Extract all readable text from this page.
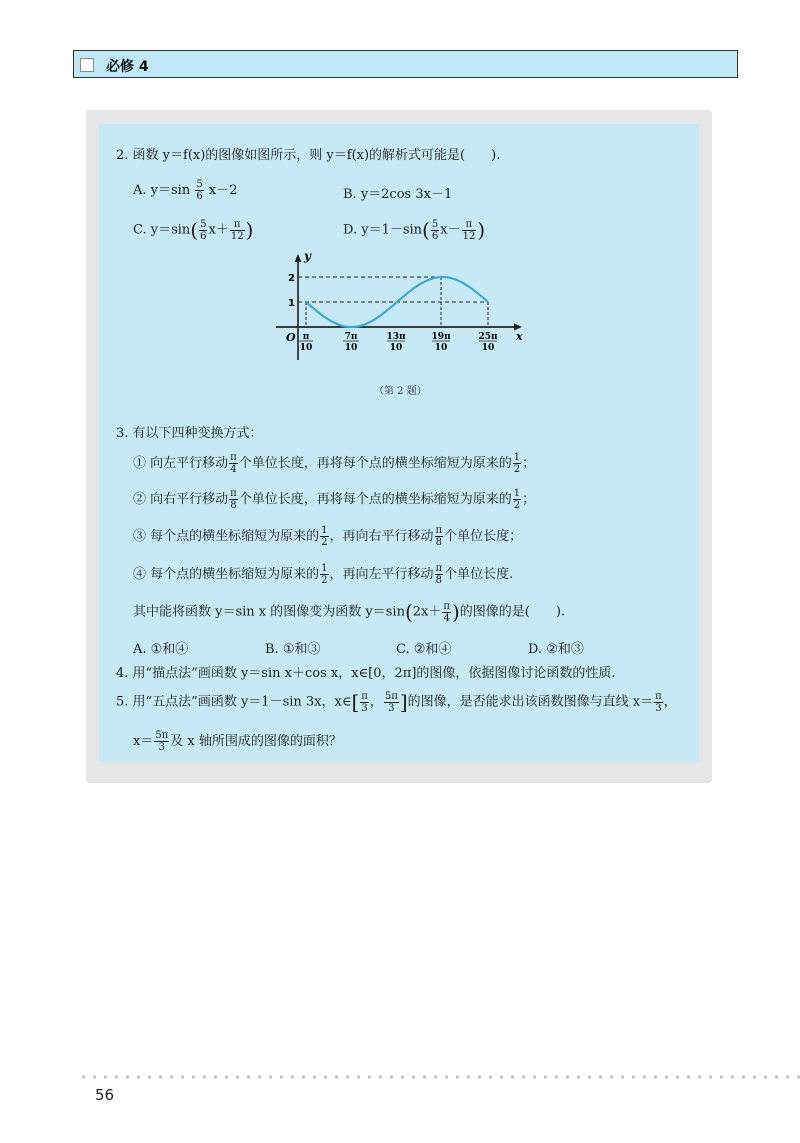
必修 4
2. 函数 y＝f(x)的图像如图所示，则 y＝f(x)的解析式可能是(　　).
A. $y=\sin \frac{5}{6} x-2$	B. y＝2cos 3x－1
C. $y=\sin( \frac{5}{6} x+ \frac{\pi}{12}$ )	D. $y=1-\sin( \frac{5}{6} x- \frac{\pi}{12}$ )
y
x
O
1
2
π
10
7π
10
13π
10
19π
10
25π
10
（第 2 题）
3. 有以下四种变换方式：
① 向左平行移动 $\frac{\pi}{4}$ 个单位长度，再将每个点的横坐标缩短为原来的 $\frac{1}{2}$ ；
② 向右平行移动 $\frac{\pi}{8}$ 个单位长度，再将每个点的横坐标缩短为原来的 $\frac{1}{2}$ ；
③ 每个点的横坐标缩短为原来的 $\frac{1}{2}$ ，再向右平行移动 $\frac{\pi}{8}$ 个单位长度；
④ 每个点的横坐标缩短为原来的 $\frac{1}{2}$ ，再向左平行移动 $\frac{\pi}{8}$ 个单位长度.
其中能将函数 y＝sin x 的图像变为函数 $y=\sin(2x+ \frac{\pi}{4}$ )的图像的是(　　).
A. ①和④	B. ①和③	C. ②和④	D. ②和③
4. 用“描点法”画函数 y＝sin x＋cos x，x∈[0，2π]的图像，依据图像讨论函数的性质.
5. 用“五点法”画函数 y＝1－sin 3x，x∈[ $\frac{\pi}{3}$ ， $\frac{5\pi}{3}$ ]的图像，是否能求出该函数图像与直线 $x= \frac{\pi}{3}$ ，
$x= \frac{5\pi}{3}$ 及 x 轴所围成的图像的面积？
56
